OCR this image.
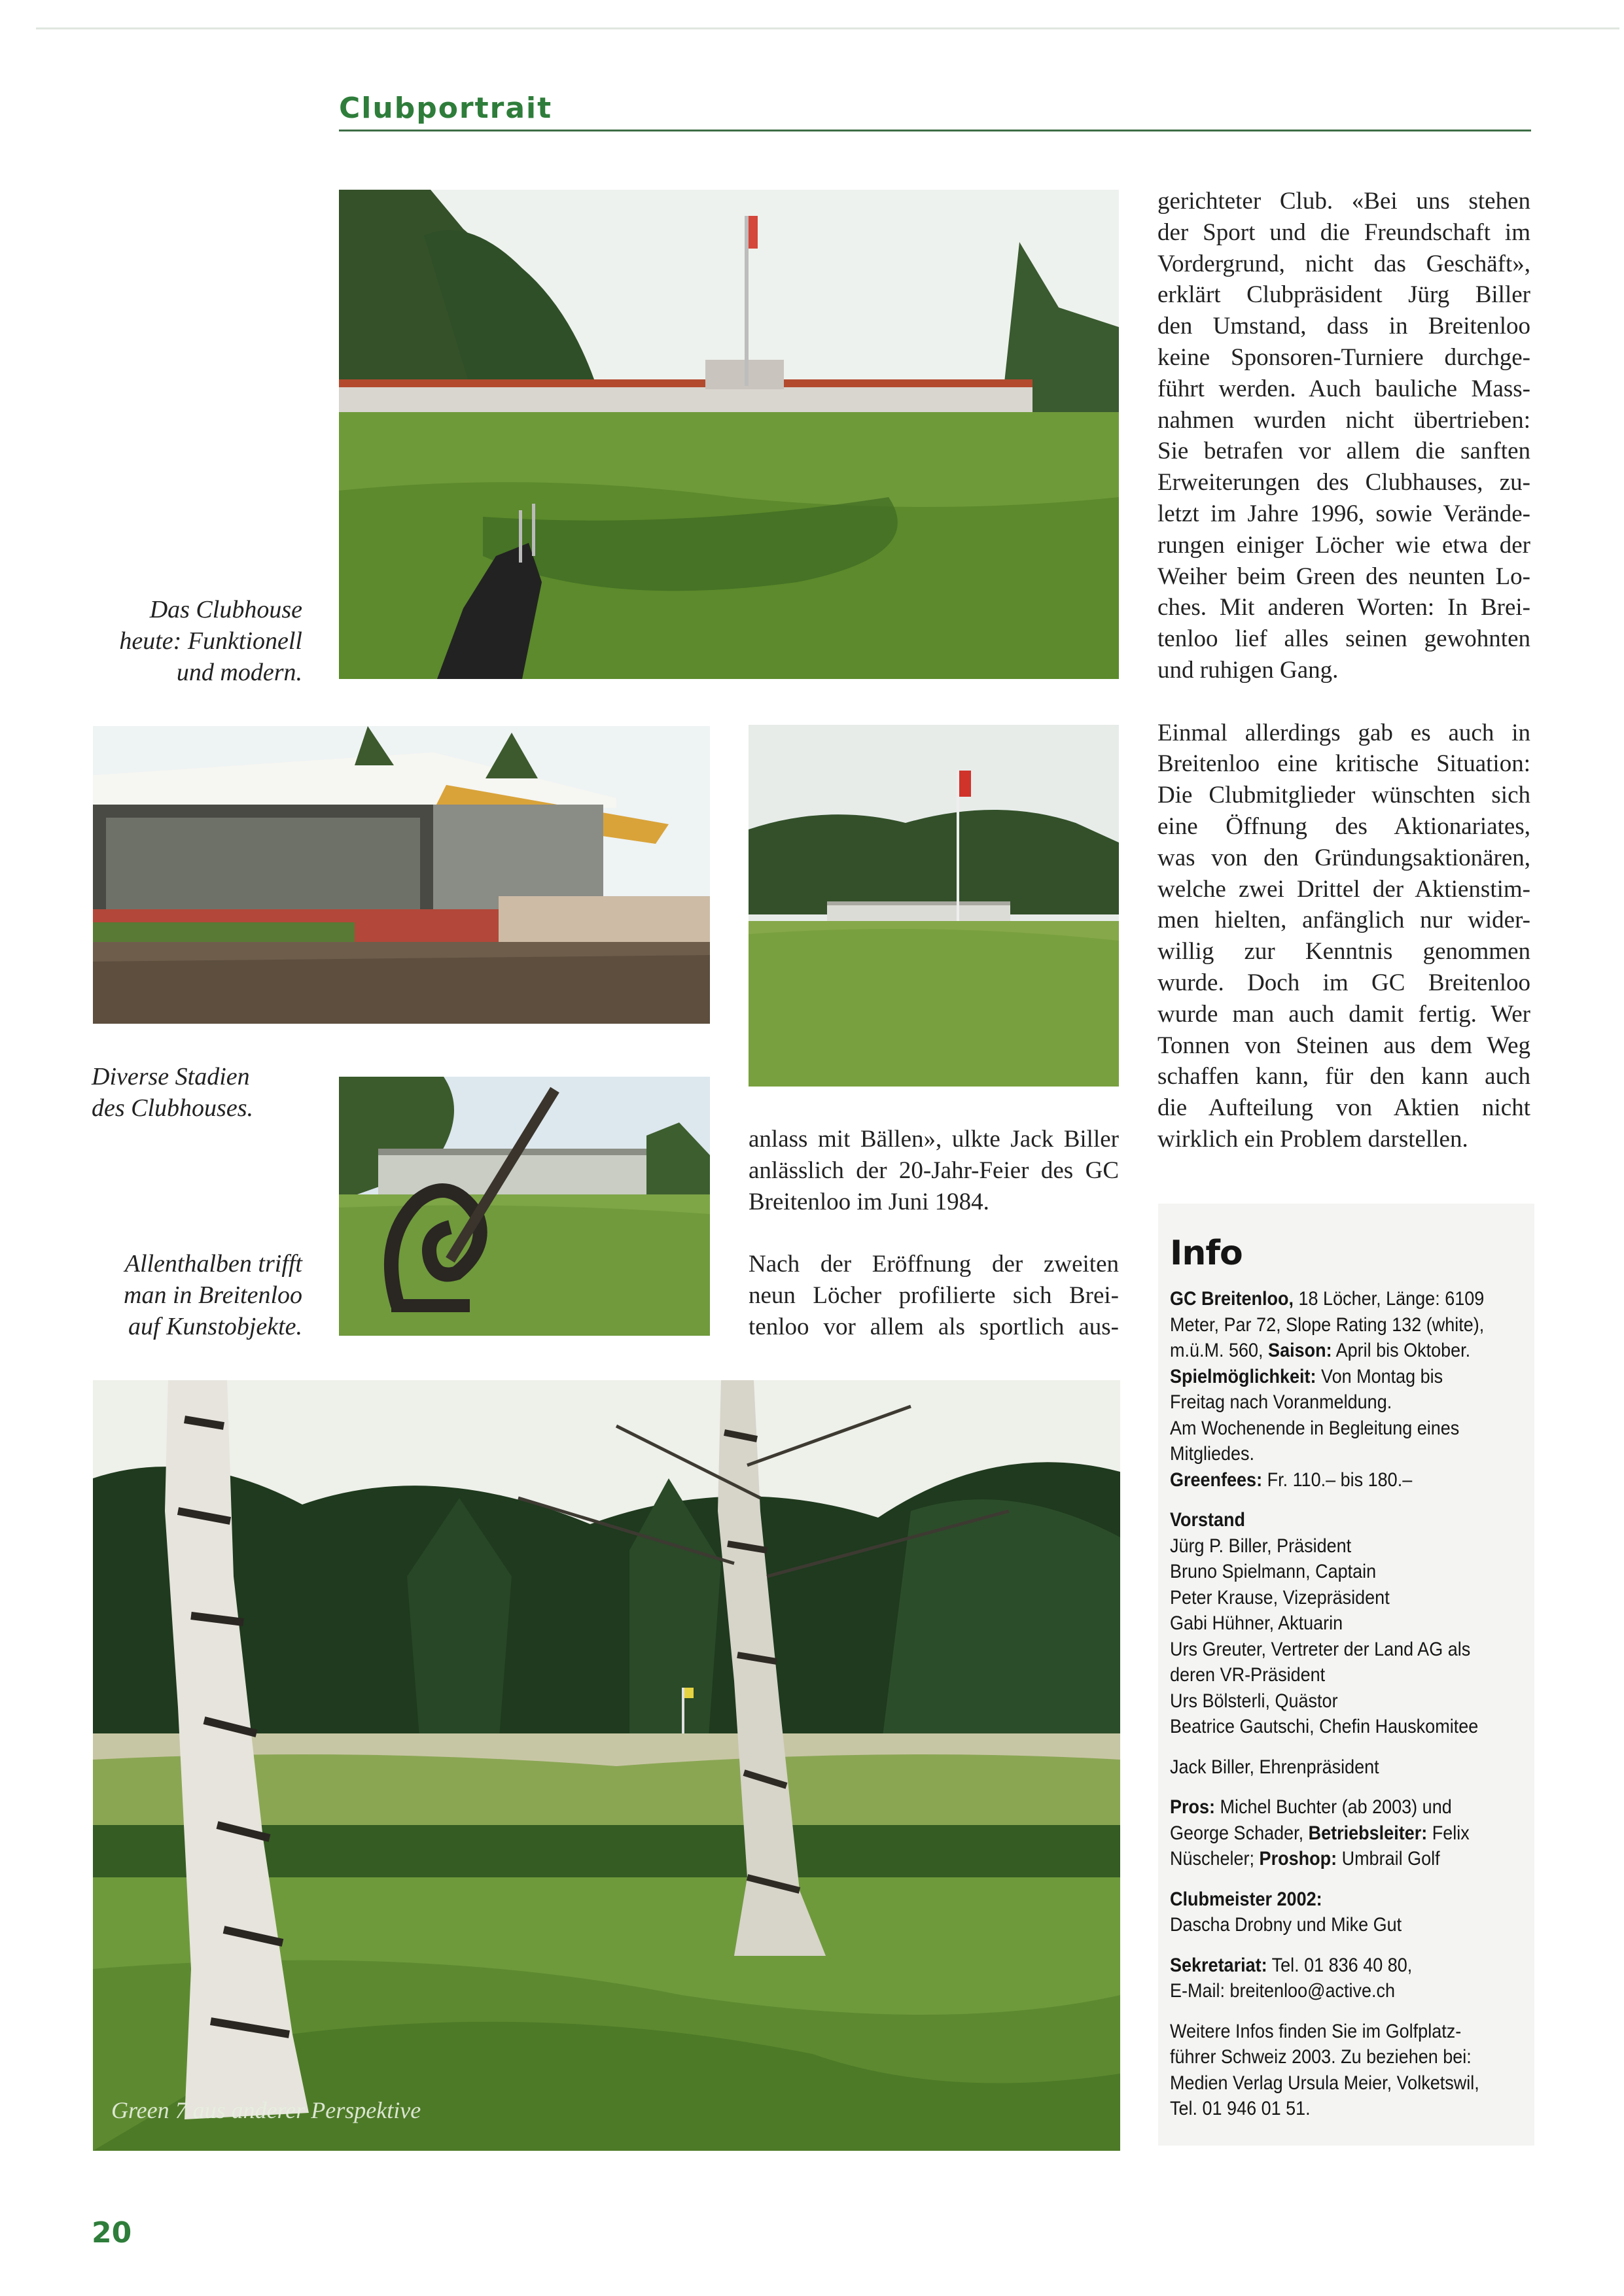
Clubportrait
Das Clubhouse
heute: Funktionell
und modern.
Diverse Stadien
des Clubhouses.
Allenthalben trifft
man in Breitenloo
auf Kunstobjekte.
anlass mit Bällen», ulkte Jack Biller
anlässlich der 20-Jahr-Feier des GC
Breitenloo im Juni 1984.
Nach der Eröffnung der zweiten
neun Löcher profilierte sich Brei-
tenloo vor allem als sportlich aus-
gerichteter Club. «Bei uns stehen
der Sport und die Freundschaft im
Vordergrund, nicht das Geschäft»,
erklärt Clubpräsident Jürg Biller
den Umstand, dass in Breitenloo
keine Sponsoren-Turniere durchge-
führt werden. Auch bauliche Mass-
nahmen wurden nicht übertrieben:
Sie betrafen vor allem die sanften
Erweiterungen des Clubhauses, zu-
letzt im Jahre 1996, sowie Verände-
rungen einiger Löcher wie etwa der
Weiher beim Green des neunten Lo-
ches. Mit anderen Worten: In Brei-
tenloo lief alles seinen gewohnten
und ruhigen Gang.
Einmal allerdings gab es auch in
Breitenloo eine kritische Situation:
Die Clubmitglieder wünschten sich
eine Öffnung des Aktionariates,
was von den Gründungsaktionären,
welche zwei Drittel der Aktienstim-
men hielten, anfänglich nur wider-
willig zur Kenntnis genommen
wurde. Doch im GC Breitenloo
wurde man auch damit fertig. Wer
Tonnen von Steinen aus dem Weg
schaffen kann, für den kann auch
die Aufteilung von Aktien nicht
wirklich ein Problem darstellen.
Green 7 aus anderer Perspektive
Info
GC Breitenloo, 18 Löcher, Länge: 6109
Meter, Par 72, Slope Rating 132 (white),
m.ü.M. 560, Saison: April bis Oktober.
Spielmöglichkeit: Von Montag bis
Freitag nach Voranmeldung.
Am Wochenende in Begleitung eines
Mitgliedes.
Greenfees: Fr. 110.– bis 180.–
Vorstand
Jürg P. Biller, Präsident
Bruno Spielmann, Captain
Peter Krause, Vizepräsident
Gabi Hühner, Aktuarin
Urs Greuter, Vertreter der Land AG als
deren VR-Präsident
Urs Bölsterli, Quästor
Beatrice Gautschi, Chefin Hauskomitee
Jack Biller, Ehrenpräsident
Pros: Michel Buchter (ab 2003) und
George Schader, Betriebsleiter: Felix
Nüscheler; Proshop: Umbrail Golf
Clubmeister 2002:
Dascha Drobny und Mike Gut
Sekretariat: Tel. 01 836 40 80,
E-Mail: breitenloo@active.ch
Weitere Infos finden Sie im Golfplatz-
führer Schweiz 2003. Zu beziehen bei:
Medien Verlag Ursula Meier, Volketswil,
Tel. 01 946 01 51.
20
